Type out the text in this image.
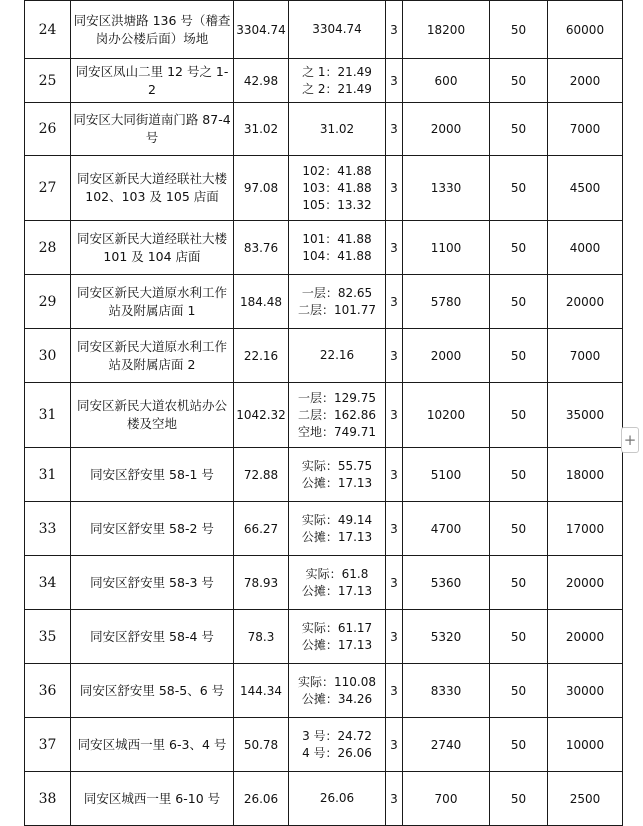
24	同安区洪塘路 136 号（稽查岗办公楼后面）场地	3304.74	3304.74	3	18200	50	60000
25	同安区凤山二里 12 号之 1-2	42.98	之 1：21.49
之 2：21.49	3	600	50	2000
26	同安区大同街道南门路 87-4 号	31.02	31.02	3	2000	50	7000
27	同安区新民大道经联社大楼 102、103 及 105 店面	97.08	102：41.88
103：41.88
105：13.32	3	1330	50	4500
28	同安区新民大道经联社大楼 101 及 104 店面	83.76	101：41.88
104：41.88	3	1100	50	4000
29	同安区新民大道原水利工作站及附属店面 1	184.48	一层：82.65
二层：101.77	3	5780	50	20000
30	同安区新民大道原水利工作站及附属店面 2	22.16	22.16	3	2000	50	7000
31	同安区新民大道农机站办公楼及空地	1042.32	一层：129.75
二层：162.86
空地：749.71	3	10200	50	35000
31	同安区舒安里 58-1 号	72.88	实际：55.75
公摊：17.13	3	5100	50	18000
33	同安区舒安里 58-2 号	66.27	实际：49.14
公摊：17.13	3	4700	50	17000
34	同安区舒安里 58-3 号	78.93	实际：61.8
公摊：17.13	3	5360	50	20000
35	同安区舒安里 58-4 号	78.3	实际：61.17
公摊：17.13	3	5320	50	20000
36	同安区舒安里 58-5、6 号	144.34	实际：110.08
公摊：34.26	3	8330	50	30000
37	同安区城西一里 6-3、4 号	50.78	3 号：24.72
4 号：26.06	3	2740	50	10000
38	同安区城西一里 6-10 号	26.06	26.06	3	700	50	2500
+
